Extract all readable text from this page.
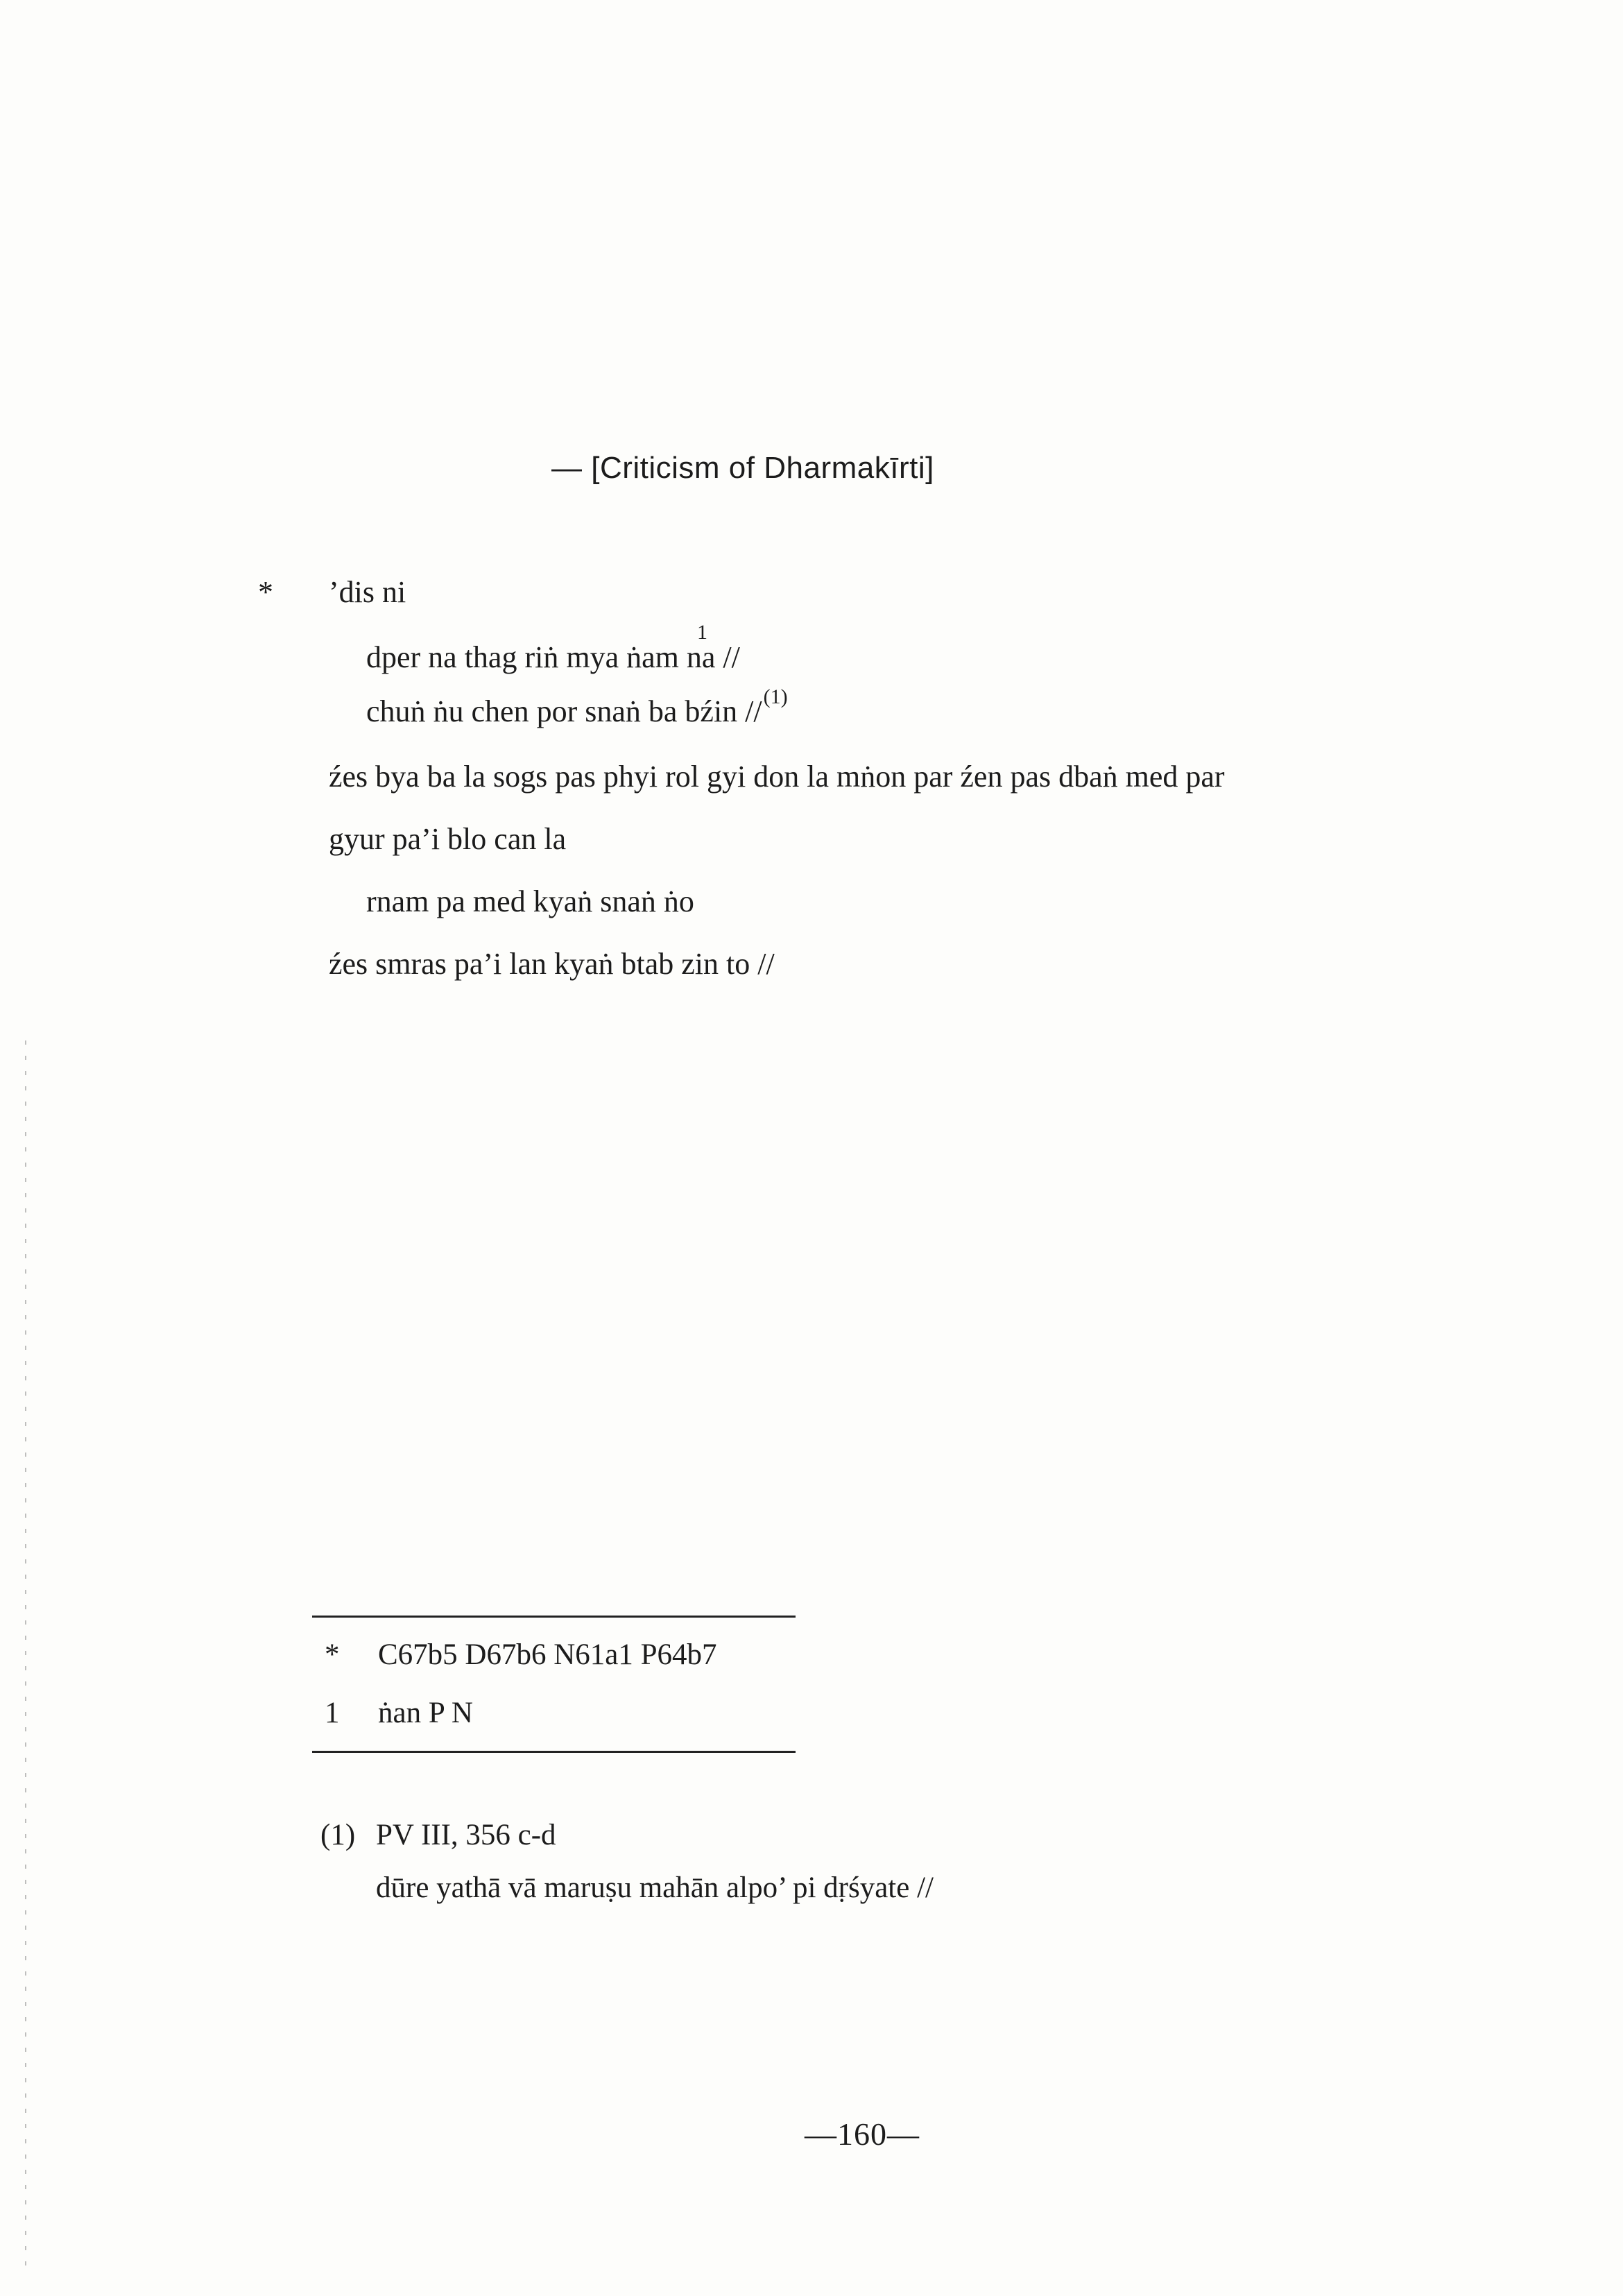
— [Criticism of Dharmakīrti]
* ’dis ni
1
dper na thag riṅ mya ṅam na //
chuṅ ṅu chen por snaṅ ba bźin //$^{(1)}$
źes bya ba la sogs pas phyi rol gyi don la mṅon par źen pas dbaṅ med par
gyur pa’i blo can la
rnam pa med kyaṅ snaṅ ṅo
źes smras pa’i lan kyaṅ btab zin to //
* C67b5 D67b6 N61a1 P64b7
1 ṅan P N
(1) PV III, 356 c-d
dūre yathā vā maruṣu mahān alpo’ pi dṛśyate //
—160—
